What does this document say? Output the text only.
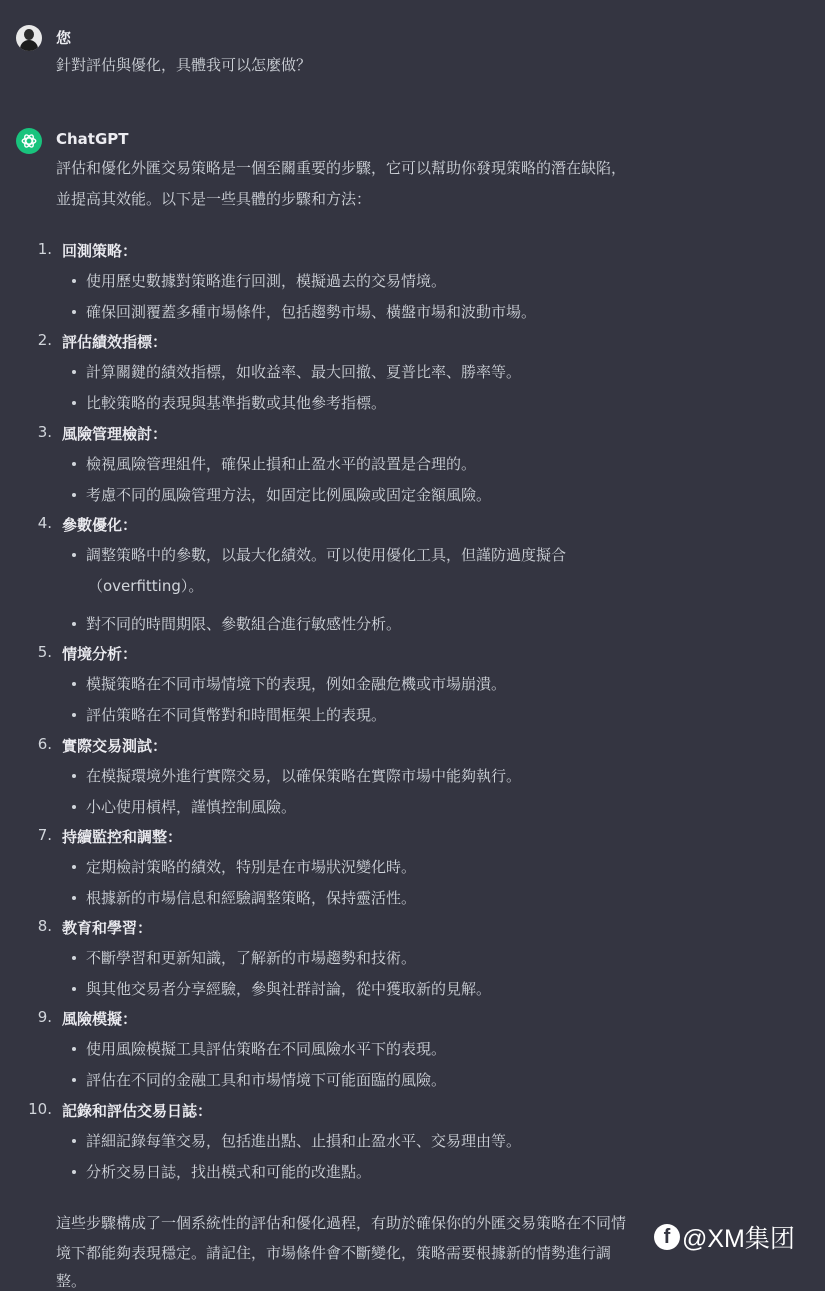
您
針對評估與優化，具體我可以怎麼做？
ChatGPT
評估和優化外匯交易策略是一個至關重要的步驟，它可以幫助你發現策略的潛在缺陷，
並提高其效能。以下是一些具體的步驟和方法：
1. 回測策略：
使用歷史數據對策略進行回測，模擬過去的交易情境。
確保回測覆蓋多種市場條件，包括趨勢市場、橫盤市場和波動市場。
2. 評估績效指標：
計算關鍵的績效指標，如收益率、最大回撤、夏普比率、勝率等。
比較策略的表現與基準指數或其他參考指標。
3. 風險管理檢討：
檢視風險管理組件，確保止損和止盈水平的設置是合理的。
考慮不同的風險管理方法，如固定比例風險或固定金額風險。
4. 參數優化：
調整策略中的參數，以最大化績效。可以使用優化工具，但謹防過度擬合
（overfitting）。
對不同的時間期限、參數組合進行敏感性分析。
5. 情境分析：
模擬策略在不同市場情境下的表現，例如金融危機或市場崩潰。
評估策略在不同貨幣對和時間框架上的表現。
6. 實際交易測試：
在模擬環境外進行實際交易，以確保策略在實際市場中能夠執行。
小心使用槓桿，謹慎控制風險。
7. 持續監控和調整：
定期檢討策略的績效，特別是在市場狀況變化時。
根據新的市場信息和經驗調整策略，保持靈活性。
8. 教育和學習：
不斷學習和更新知識，了解新的市場趨勢和技術。
與其他交易者分享經驗，參與社群討論，從中獲取新的見解。
9. 風險模擬：
使用風險模擬工具評估策略在不同風險水平下的表現。
評估在不同的金融工具和市場情境下可能面臨的風險。
10. 記錄和評估交易日誌：
詳細記錄每筆交易，包括進出點、止損和止盈水平、交易理由等。
分析交易日誌，找出模式和可能的改進點。
這些步驟構成了一個系統性的評估和優化過程，有助於確保你的外匯交易策略在不同情
境下都能夠表現穩定。請記住，市場條件會不斷變化，策略需要根據新的情勢進行調
整。
f @XM集团
